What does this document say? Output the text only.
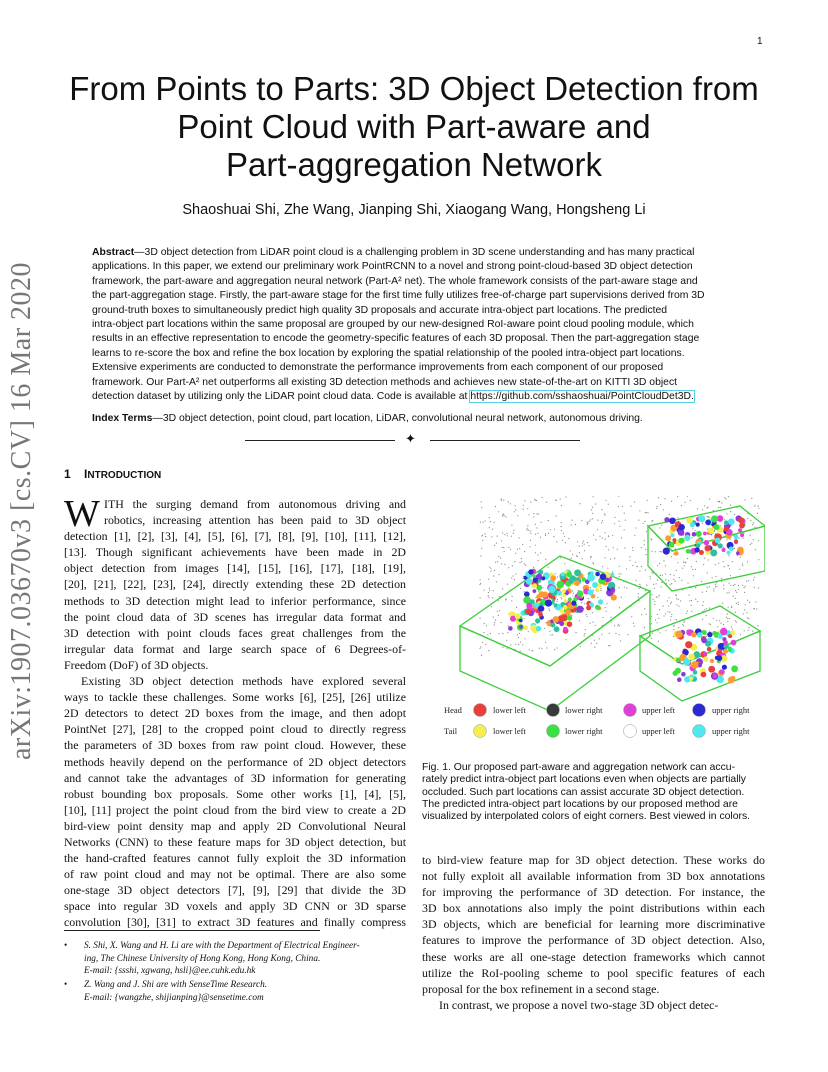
1
arXiv:1907.03670v3 [cs.CV] 16 Mar 2020
From Points to Parts: 3D Object Detection from
Point Cloud with Part-aware and
Part-aggregation Network
Shaoshuai Shi, Zhe Wang, Jianping Shi, Xiaogang Wang, Hongsheng Li
Abstract—3D object detection from LiDAR point cloud is a challenging problem in 3D scene understanding and has many practical
applications. In this paper, we extend our preliminary work PointRCNN to a novel and strong point-cloud-based 3D object detection
framework, the part-aware and aggregation neural network (Part-A² net). The whole framework consists of the part-aware stage and
the part-aggregation stage. Firstly, the part-aware stage for the first time fully utilizes free-of-charge part supervisions derived from 3D
ground-truth boxes to simultaneously predict high quality 3D proposals and accurate intra-object part locations. The predicted
intra-object part locations within the same proposal are grouped by our new-designed RoI-aware point cloud pooling module, which
results in an effective representation to encode the geometry-specific features of each 3D proposal. Then the part-aggregation stage
learns to re-score the box and refine the box location by exploring the spatial relationship of the pooled intra-object part locations.
Extensive experiments are conducted to demonstrate the performance improvements from each component of our proposed
framework. Our Part-A² net outperforms all existing 3D detection methods and achieves new state-of-the-art on KITTI 3D object
detection dataset by utilizing only the LiDAR point cloud data. Code is available at https://github.com/sshaoshuai/PointCloudDet3D.
Index Terms—3D object detection, point cloud, part location, LiDAR, convolutional neural network, autonomous driving.
✦
1 INTRODUCTION
W ITH the surging demand from autonomous driving and
robotics, increasing attention has been paid to 3D object
detection [1], [2], [3], [4], [5], [6], [7], [8], [9], [10], [11], [12],
[13]. Though significant achievements have been made in 2D
object detection from images [14], [15], [16], [17], [18], [19],
[20], [21], [22], [23], [24], directly extending these 2D detection
methods to 3D detection might lead to inferior performance, since
the point cloud data of 3D scenes has irregular data format and
3D detection with point clouds faces great challenges from the
irregular data format and large search space of 6 Degrees-of-
Freedom (DoF) of 3D objects.
Existing 3D object detection methods have explored several
ways to tackle these challenges. Some works [6], [25], [26] utilize
2D detectors to detect 2D boxes from the image, and then adopt
PointNet [27], [28] to the cropped point cloud to directly regress
the parameters of 3D boxes from raw point cloud. However, these
methods heavily depend on the performance of 2D object detectors
and cannot take the advantages of 3D information for generating
robust bounding box proposals. Some other works [1], [4], [5],
[10], [11] project the point cloud from the bird view to create a 2D
bird-view point density map and apply 2D Convolutional Neural
Networks (CNN) to these feature maps for 3D object detection, but
the hand-crafted features cannot fully exploit the 3D information
of raw point cloud and may not be optimal. There are also some
one-stage 3D object detectors [7], [9], [29] that divide the 3D
space into regular 3D voxels and apply 3D CNN or 3D sparse
convolution [30], [31] to extract 3D features and finally compress
• S. Shi, X. Wang and H. Li are with the Department of Electrical Engineer-
ing, The Chinese University of Hong Kong, Hong Kong, China.
E-mail: {ssshi, xgwang, hsli}@ee.cuhk.edu.hk
• Z. Wang and J. Shi are with SenseTime Research.
E-mail: {wangzhe, shijianping}@sensetime.com
Head
Tail
lower left	lower right	upper left	upper right
lower left	lower right	upper left	upper right
Fig. 1. Our proposed part-aware and aggregation network can accu-
rately predict intra-object part locations even when objects are partially
occluded. Such part locations can assist accurate 3D object detection.
The predicted intra-object part locations by our proposed method are
visualized by interpolated colors of eight corners. Best viewed in colors.
to bird-view feature map for 3D object detection. These works do
not fully exploit all available information from 3D box annotations
for improving the performance of 3D detection. For instance, the
3D box annotations also imply the point distributions within each
3D objects, which are beneficial for learning more discriminative
features to improve the performance of 3D object detection. Also,
these works are all one-stage detection frameworks which cannot
utilize the RoI-pooling scheme to pool specific features of each
proposal for the box refinement in a second stage.
In contrast, we propose a novel two-stage 3D object detec-
